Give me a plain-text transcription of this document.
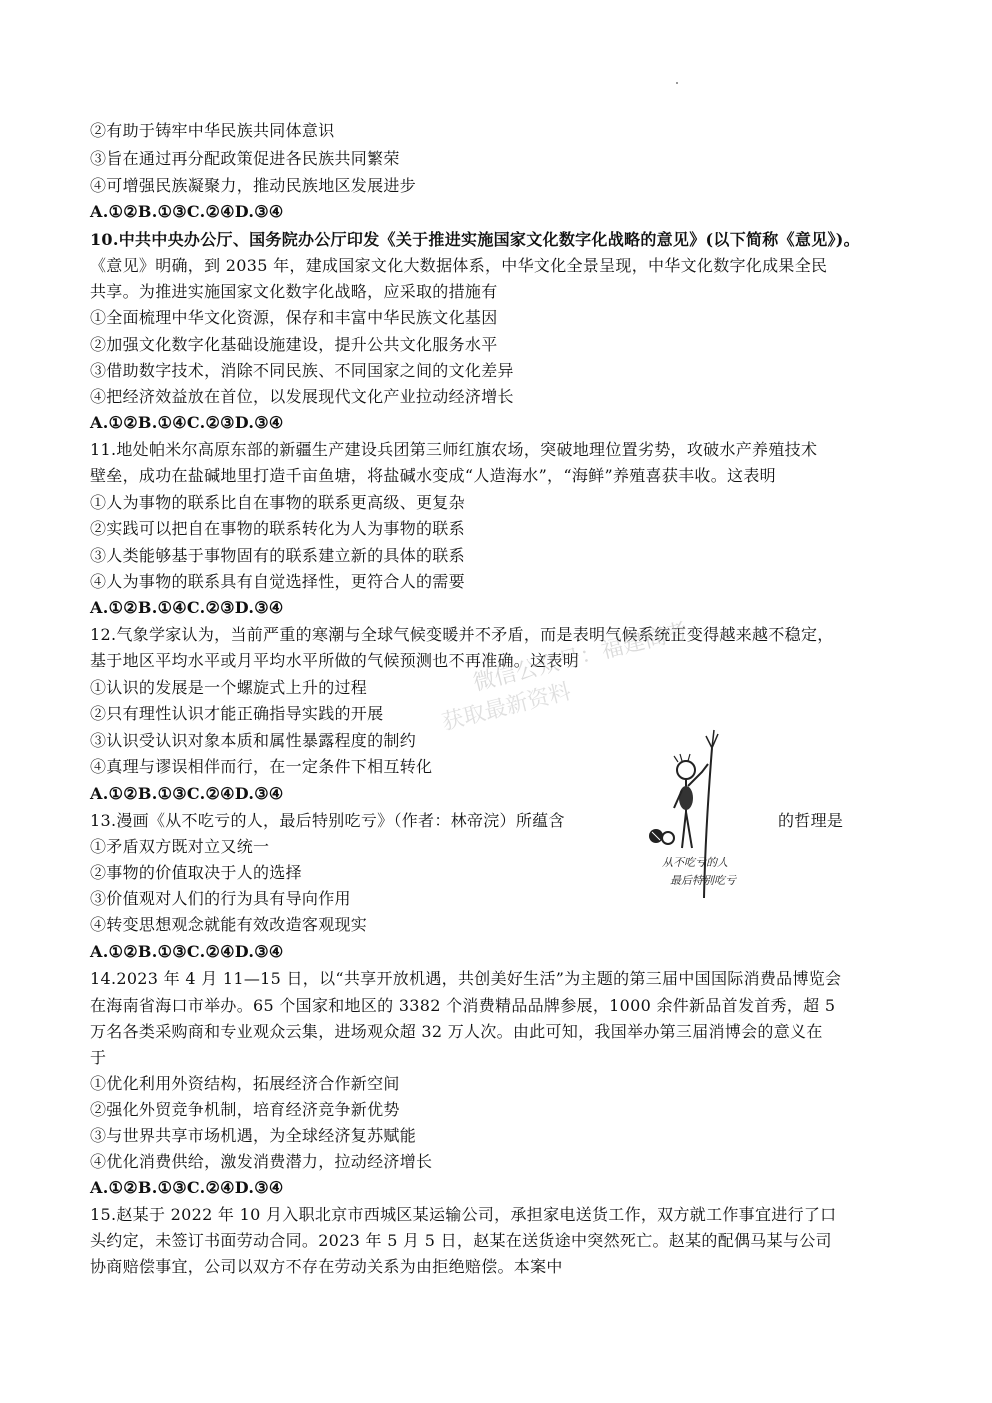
②有助于铸牢中华民族共同体意识
③旨在通过再分配政策促进各民族共同繁荣
④可增强民族凝聚力，推动民族地区发展进步
A.①②B.①③C.②④D.③④
10.中共中央办公厅、国务院办公厅印发《关于推进实施国家文化数字化战略的意见》(以下简称《意见》)。
《意见》明确，到 2035 年，建成国家文化大数据体系，中华文化全景呈现，中华文化数字化成果全民
共享。为推进实施国家文化数字化战略，应采取的措施有
①全面梳理中华文化资源，保存和丰富中华民族文化基因
②加强文化数字化基础设施建设，提升公共文化服务水平
③借助数字技术，消除不同民族、不同国家之间的文化差异
④把经济效益放在首位，以发展现代文化产业拉动经济增长
A.①②B.①④C.②③D.③④
11.地处帕米尔高原东部的新疆生产建设兵团第三师红旗农场，突破地理位置劣势，攻破水产养殖技术
壁垒，成功在盐碱地里打造千亩鱼塘，将盐碱水变成“人造海水”，“海鲜”养殖喜获丰收。这表明
①人为事物的联系比自在事物的联系更高级、更复杂
②实践可以把自在事物的联系转化为人为事物的联系
③人类能够基于事物固有的联系建立新的具体的联系
④人为事物的联系具有自觉选择性，更符合人的需要
A.①②B.①④C.②③D.③④
12.气象学家认为，当前严重的寒潮与全球气候变暖并不矛盾，而是表明气候系统正变得越来越不稳定，
基于地区平均水平或月平均水平所做的气候预测也不再准确。这表明
①认识的发展是一个螺旋式上升的过程
②只有理性认识才能正确指导实践的开展
③认识受认识对象本质和属性暴露程度的制约
④真理与谬误相伴而行，在一定条件下相互转化
A.①②B.①③C.②④D.③④
13.漫画《从不吃亏的人，最后特别吃亏》（作者：林帝浣）所蕴含	的哲理是
①矛盾双方既对立又统一
②事物的价值取决于人的选择
③价值观对人们的行为具有导向作用
④转变思想观念就能有效改造客观现实
A.①②B.①③C.②④D.③④
14.2023 年 4 月 11—15 日，以“共享开放机遇，共创美好生活”为主题的第三届中国国际消费品博览会
在海南省海口市举办。65 个国家和地区的 3382 个消费精品品牌参展，1000 余件新品首发首秀，超 5
万名各类采购商和专业观众云集，进场观众超 32 万人次。由此可知，我国举办第三届消博会的意义在
于
①优化利用外资结构，拓展经济合作新空间
②强化外贸竞争机制，培育经济竞争新优势
③与世界共享市场机遇，为全球经济复苏赋能
④优化消费供给，激发消费潜力，拉动经济增长
A.①②B.①③C.②④D.③④
15.赵某于 2022 年 10 月入职北京市西城区某运输公司，承担家电送货工作，双方就工作事宜进行了口
头约定，未签订书面劳动合同。2023 年 5 月 5 日，赵某在送货途中突然死亡。赵某的配偶马某与公司
协商赔偿事宜，公司以双方不存在劳动关系为由拒绝赔偿。本案中
从不吃亏的人
最后特别吃亏
微信公众号：福建高考
获取最新资料
